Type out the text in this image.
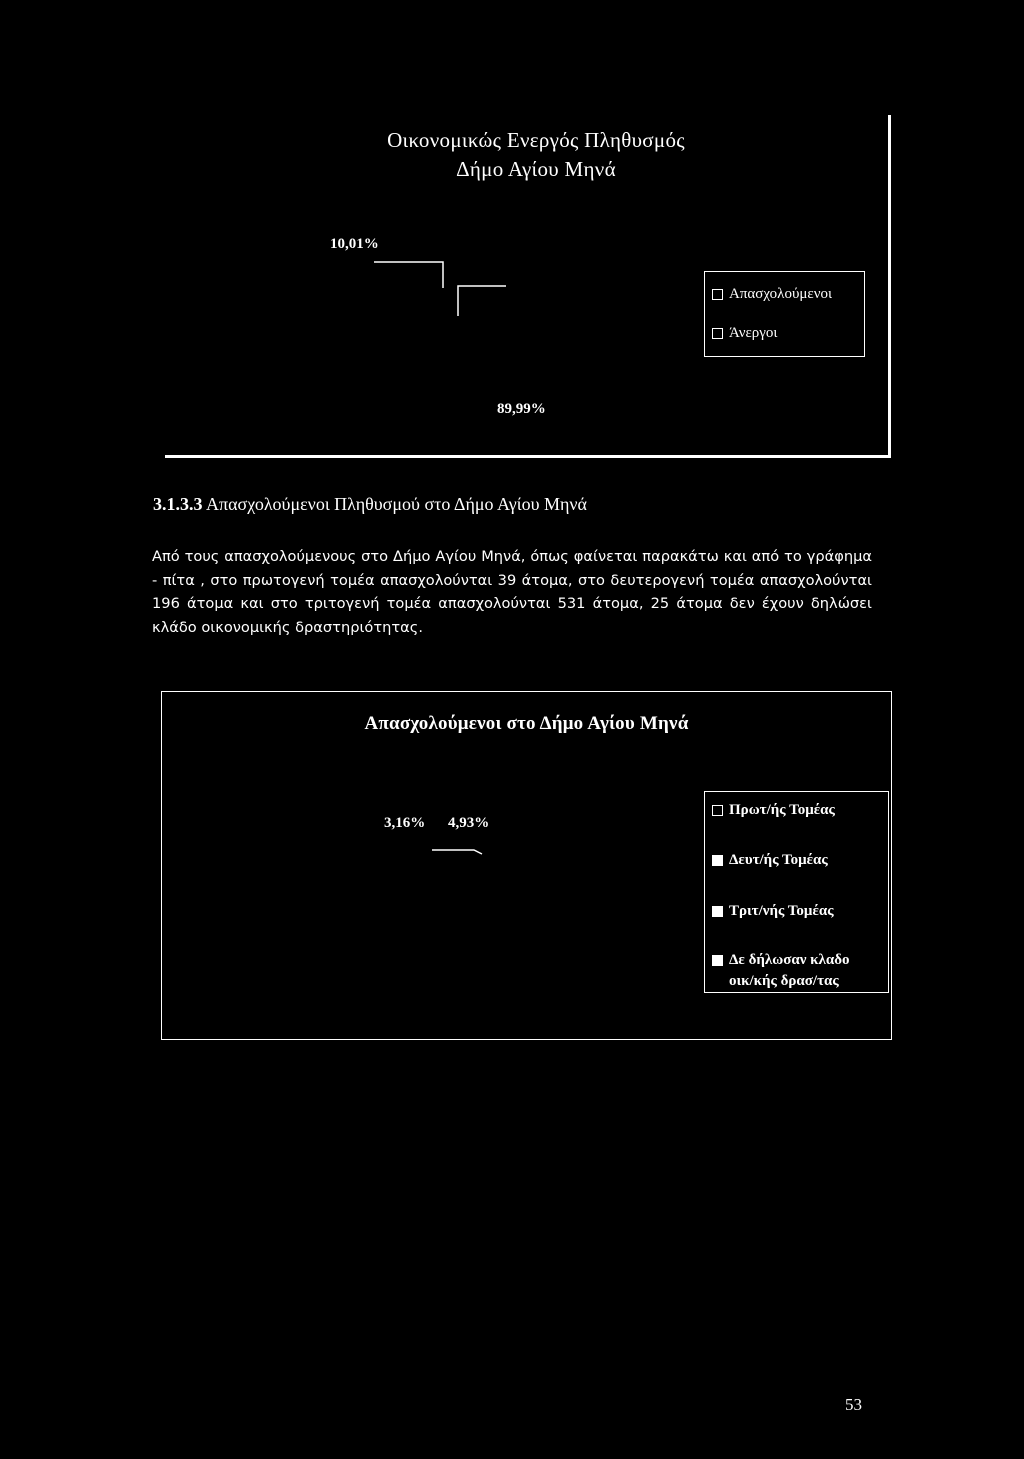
Οικονομικώς Ενεργός Πληθυσμός
Δήμο Αγίου Μηνά
10,01%
89,99%
Απασχολούμενοι
Άνεργοι
3.1.3.3 Απασχολούμενοι Πληθυσμού στο Δήμο Αγίου Μηνά
Από τους απασχολούμενους στο Δήμο Αγίου Μηνά, όπως φαίνεται παρακάτω και από το γράφημα - πίτα , στο πρωτογενή τομέα απασχολούνται 39 άτομα, στο δευτερογενή τομέα απασχολούνται 196 άτομα και στο τριτογενή τομέα απασχολούνται 531 άτομα, 25 άτομα δεν έχουν δηλώσει κλάδο οικονομικής δραστηριότητας.
Απασχολούμενοι στο Δήμο Αγίου Μηνά
3,16% 4,93%
Πρωτ/ής Τομέας
Δευτ/ής Τομέας
Τριτ/νής Τομέας
Δε δήλωσαν κλαδο
οικ/κής δρασ/τας
53
